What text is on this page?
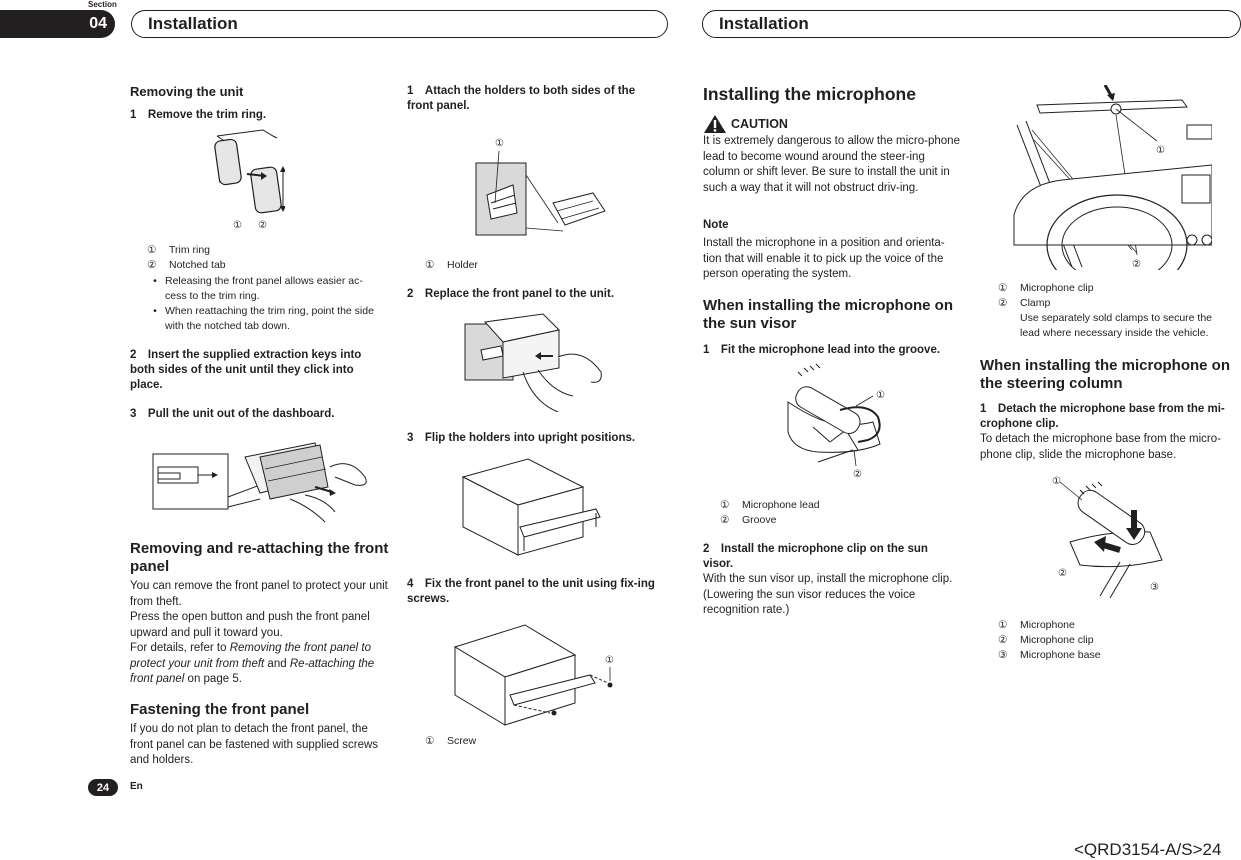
Section
04	Installation	Installation
Removing the unit
1 Remove the trim ring.
① ②
①	Trim ring
②	Notched tab
• Releasing the front panel allows easier ac-cess to the trim ring.
• When reattaching the trim ring, point the side with the notched tab down.
2 Insert the supplied extraction keys into both sides of the unit until they click into place.
3 Pull the unit out of the dashboard.
Removing and re-attaching the front panel
You can remove the front panel to protect your unit from theft.
Press the open button and push the front panel upward and pull it toward you.
For details, refer to Removing the front panel to protect your unit from theft and Re-attaching the front panel on page 5.
Fastening the front panel
If you do not plan to detach the front panel, the front panel can be fastened with supplied screws and holders.
1 Attach the holders to both sides of the front panel.
①
①	Holder
2 Replace the front panel to the unit.
3 Flip the holders into upright positions.
4 Fix the front panel to the unit using fix-ing screws.
①
①	Screw
Installing the microphone
CAUTION
It is extremely dangerous to allow the micro-phone lead to become wound around the steer-ing column or shift lever. Be sure to install the unit in such a way that it will not obstruct driv-ing.
Note
Install the microphone in a position and orienta-tion that will enable it to pick up the voice of the person operating the system.
When installing the microphone on the sun visor
1 Fit the microphone lead into the groove.
①
②
①	Microphone lead
②	Groove
2 Install the microphone clip on the sun visor.
With the sun visor up, install the microphone clip. (Lowering the sun visor reduces the voice recognition rate.)
①
②
①	Microphone clip
②	Clamp
Use separately sold clamps to secure the lead where necessary inside the vehicle.
When installing the microphone on the steering column
1 Detach the microphone base from the mi-crophone clip.
To detach the microphone base from the micro-phone clip, slide the microphone base.
①
②
③
①	Microphone
②	Microphone clip
③	Microphone base
24	En
<QRD3154-A/S>24
